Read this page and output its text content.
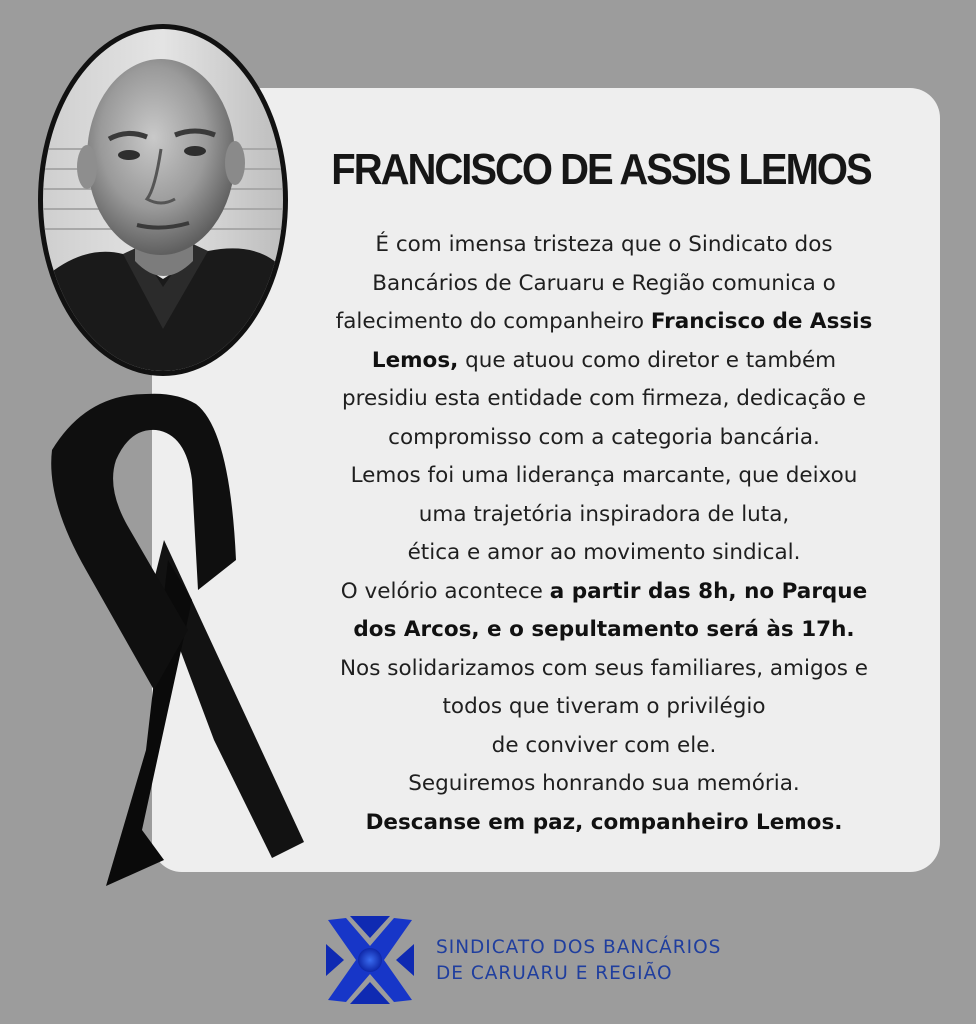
FRANCISCO DE ASSIS LEMOS
É com imensa tristeza que o Sindicato dos
Bancários de Caruaru e Região comunica o
falecimento do companheiro Francisco de Assis
Lemos, que atuou como diretor e também
presidiu esta entidade com firmeza, dedicação e
compromisso com a categoria bancária.
Lemos foi uma liderança marcante, que deixou
uma trajetória inspiradora de luta,
ética e amor ao movimento sindical.
O velório acontece a partir das 8h, no Parque
dos Arcos, e o sepultamento será às 17h.
Nos solidarizamos com seus familiares, amigos e
todos que tiveram o privilégio
de conviver com ele.
Seguiremos honrando sua memória.
Descanse em paz, companheiro Lemos.
SINDICATO DOS BANCÁRIOS
DE CARUARU E REGIÃO
